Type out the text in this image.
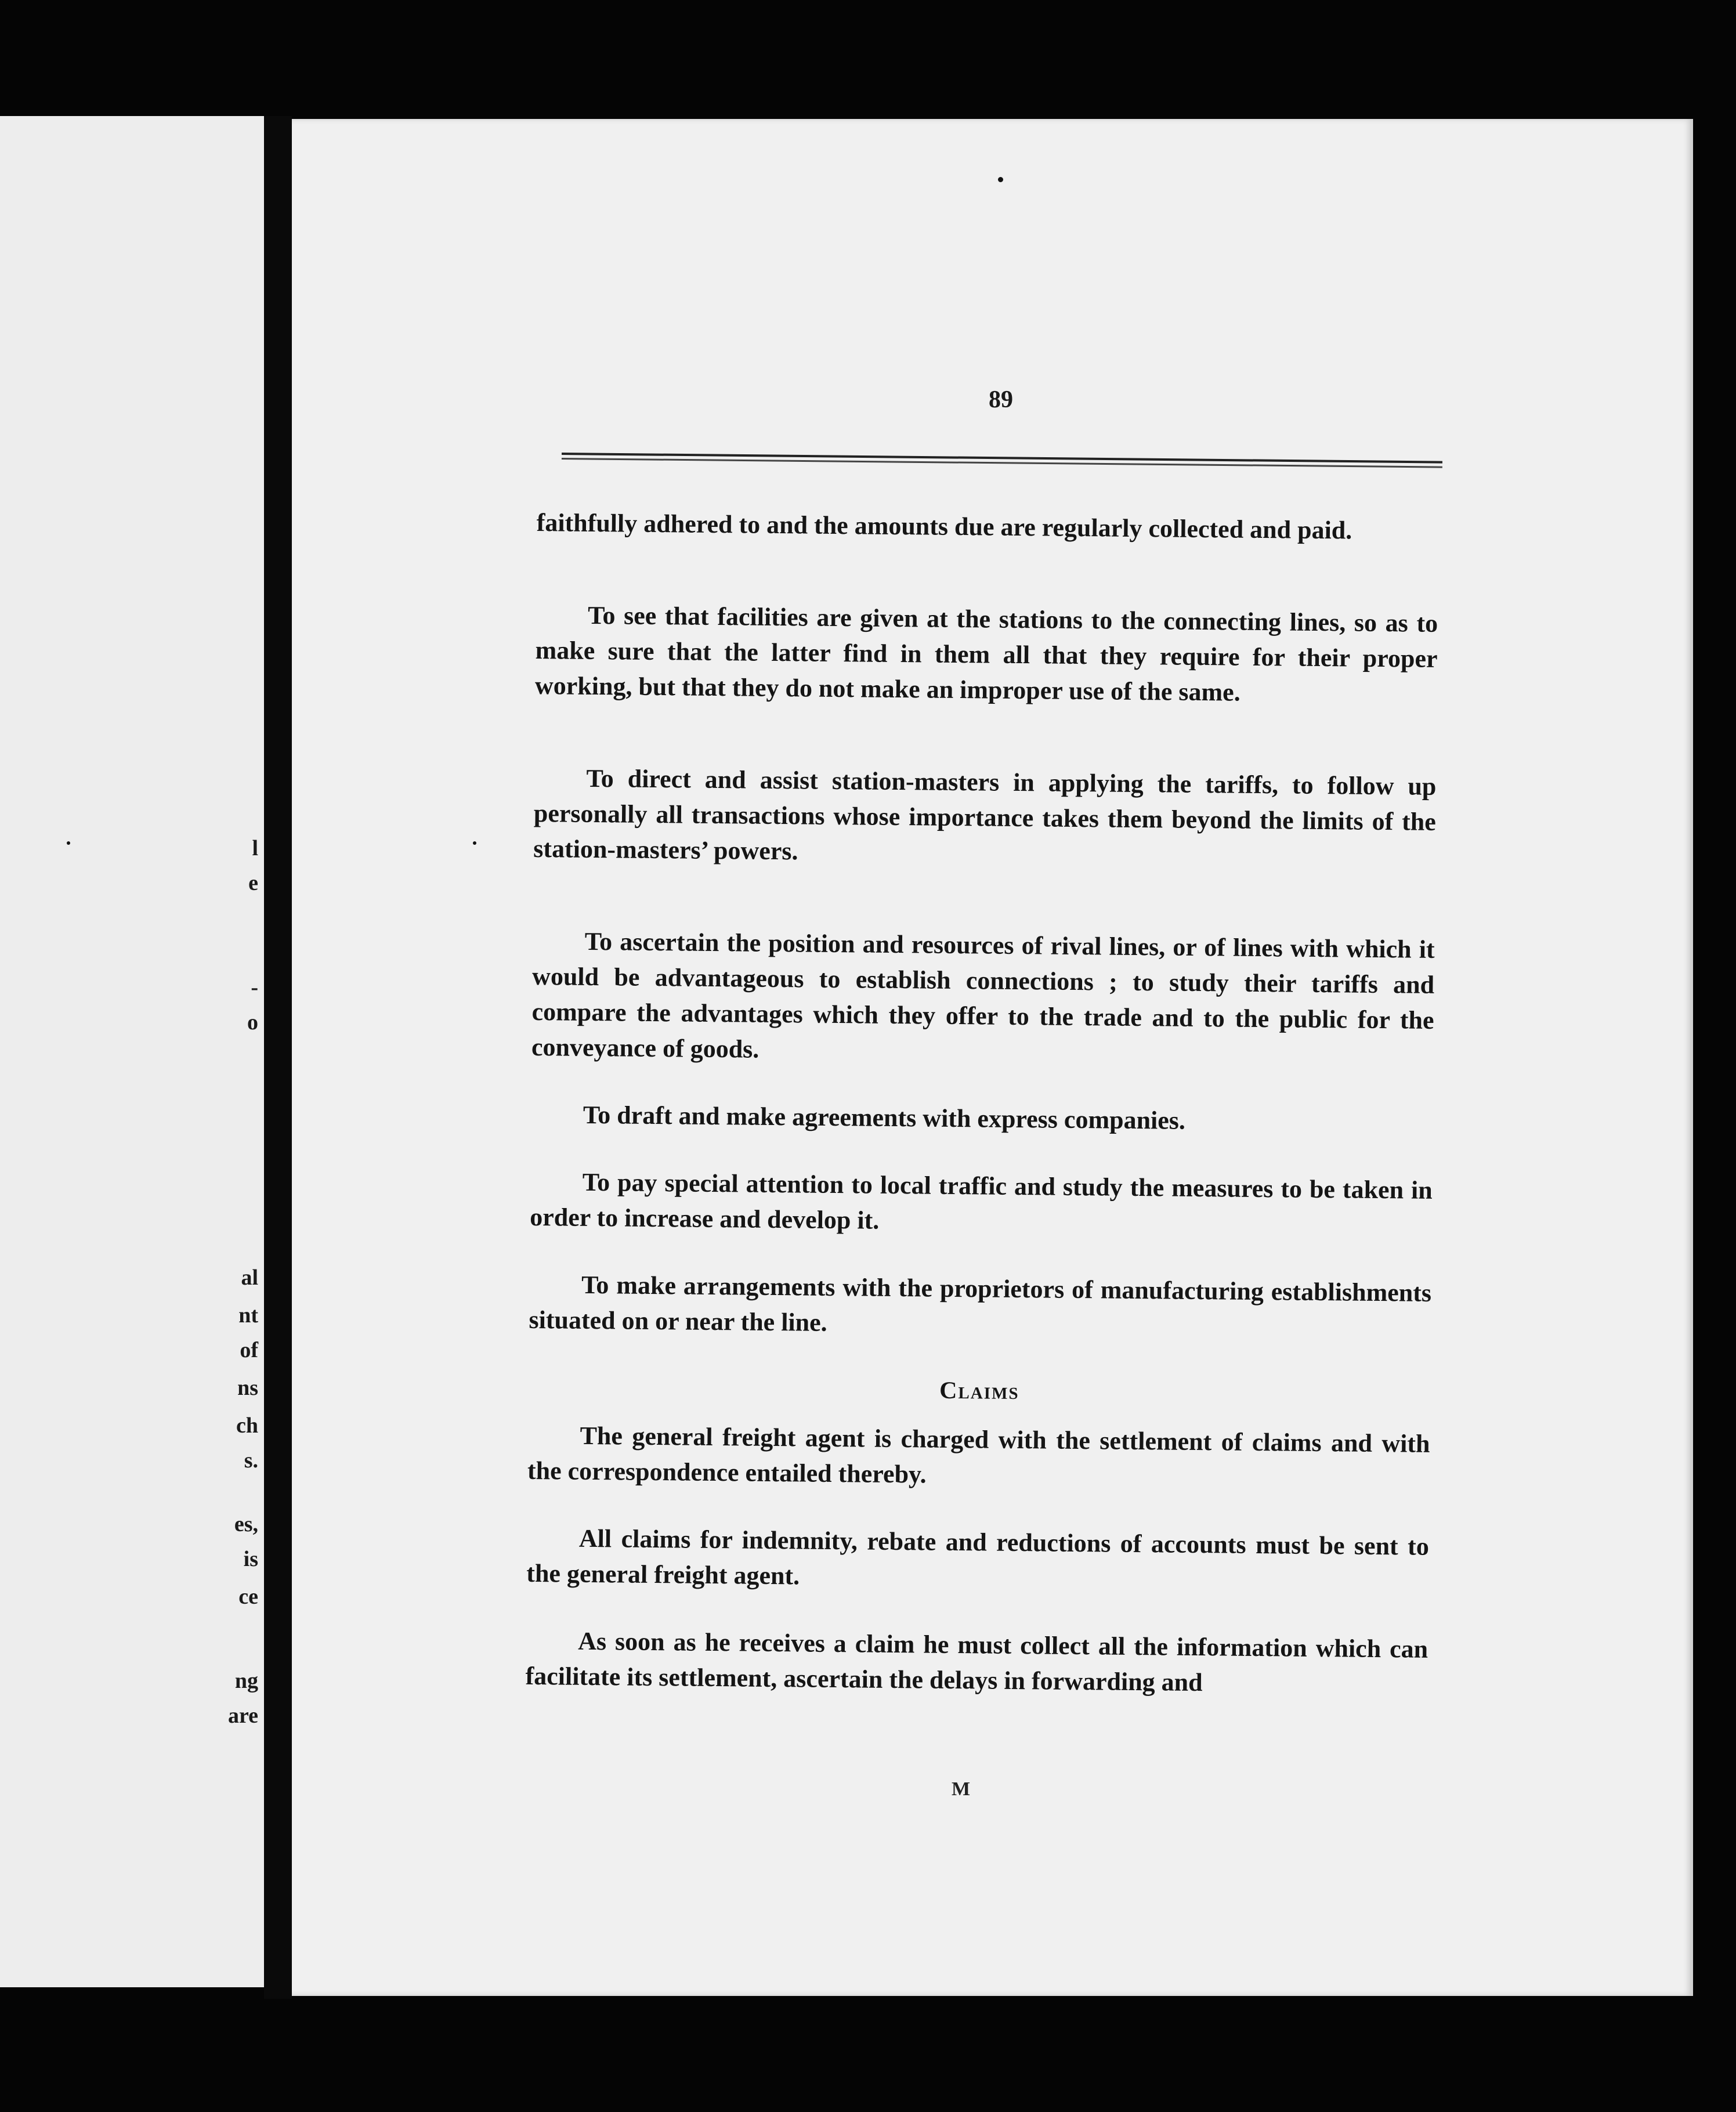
l
e
-
o
al
nt
of
ns
ch
s.
es,
is
ce
ng
are
89

faithfully adhered to and the amounts due are regularly collected and paid.

To see that facilities are given at the stations to the connecting lines, so as to make sure that the latter find in them all that they require for their proper working, but that they do not make an improper use of the same.

To direct and assist station-masters in applying the tariffs, to follow up personally all transactions whose importance takes them beyond the limits of the station-masters’ powers.

To ascertain the position and resources of rival lines, or of lines with which it would be advantageous to establish connections ; to study their tariffs and compare the advantages which they offer to the trade and to the public for the conveyance of goods.

To draft and make agreements with express companies.

To pay special attention to local traffic and study the measures to be taken in order to increase and develop it.

To make arrangements with the proprietors of manufacturing establishments situated on or near the line.

Claims

The general freight agent is charged with the settlement of claims and with the correspondence entailed thereby.

All claims for indemnity, rebate and reductions of accounts must be sent to the general freight agent.

As soon as he receives a claim he must collect all the information which can facilitate its settlement, ascertain the delays in forwarding and

M
